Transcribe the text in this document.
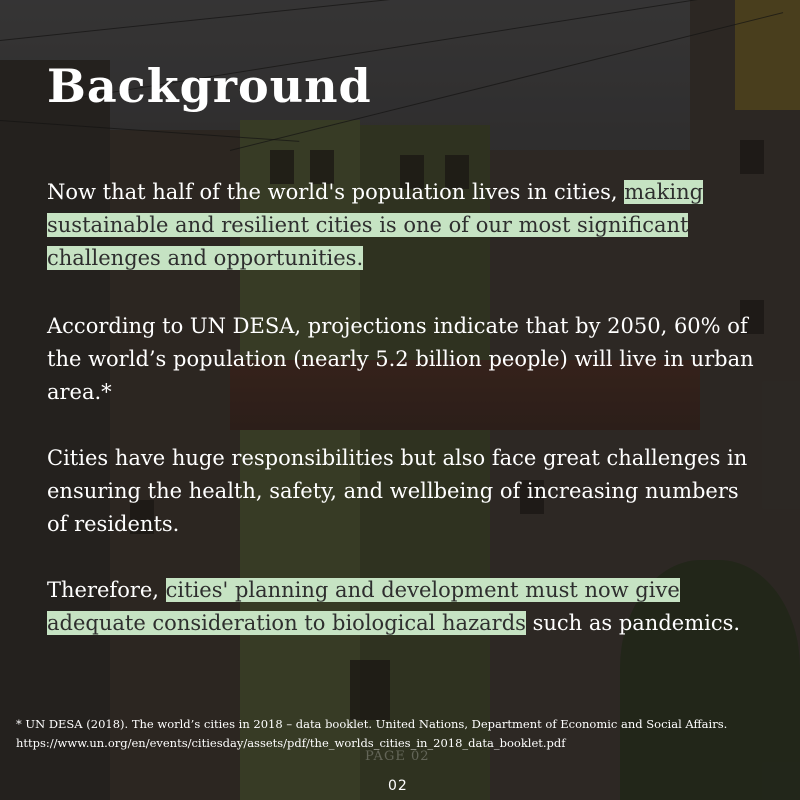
Background

Now that half of the world's population lives in cities, making sustainable and resilient cities is one of our most significant challenges and opportunities.

According to UN DESA, projections indicate that by 2050, 60% of the world’s population (nearly 5.2 billion people) will live in urban area.*

Cities have huge responsibilities but also face great challenges in ensuring the health, safety, and wellbeing of increasing numbers of residents.

Therefore, cities' planning and development must now give adequate consideration to biological hazards such as pandemics.

* UN DESA (2018). The world’s cities in 2018 – data booklet. United Nations, Department of Economic and Social Affairs. https://www.un.org/en/events/citiesday/assets/pdf/the_worlds_cities_in_2018_data_booklet.pdf

PAGE 02

02
